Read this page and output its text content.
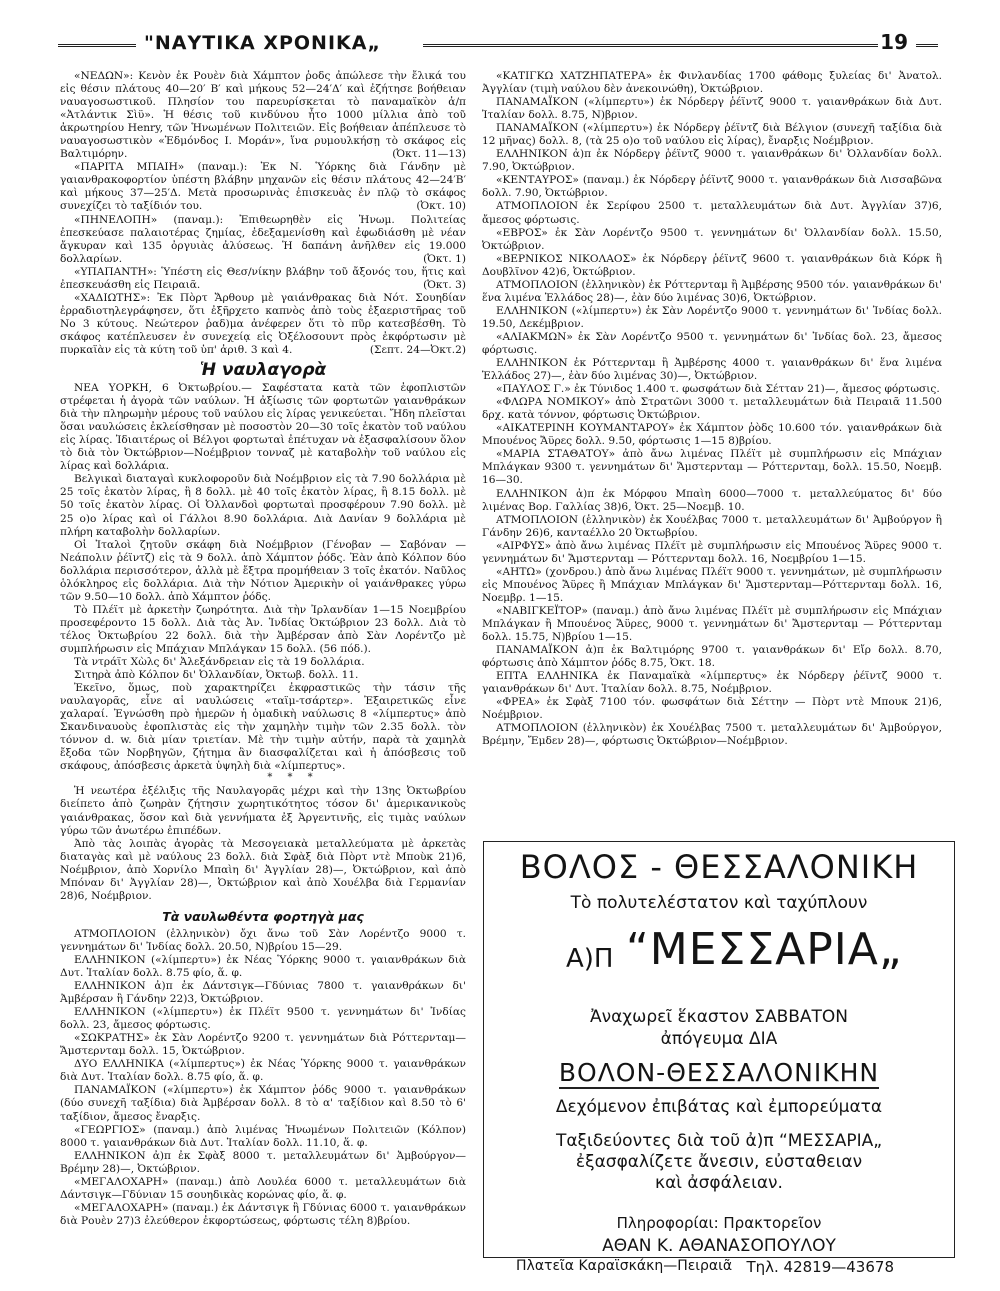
"ΝΑΥΤΙΚΑ ΧΡΟΝΙΚΑ„	19

«ΝΕΔΩΝ»: Κενὸν ἐκ Ρουὲν διὰ Χάμπτον ῥοδς ἀπώλεσε τὴν ἔλικά του εἰς θέσιν πλάτους 40—20′ Β′ καὶ μήκους 52—24′Δ′ καὶ ἐζήτησε βοήθειαν ναυαγοσωστικοῦ. Πλησίον του παρευρίσκεται τὸ παναμαϊκὸν ἀ/π «Ἀτλάντικ Σὶϋ». Ἡ θέσις τοῦ κινδύνου ἦτο 1000 μίλλια ἀπὸ τοῦ ἀκρωτηρίου Henry, τῶν Ἡνωμένων Πολιτειῶν. Εἰς βοήθειαν ἀπέπλευσε τὸ ναυαγοσωστικὸν «Ἐδμόνδος Ι. Μοράν», ἵνα ρυμουλκήσῃ τὸ σκάφος εἰς Βαλτιμόρην.	(Ὀκτ. 11—13)

«ΠΑΡΙΤΑ ΜΠΑΙΗ» (παναμ.): Ἐκ Ν. Ὑόρκης διὰ Γάνδην μὲ γαιανθρακοφορτίον ὑπέστη βλάβην μηχανῶν εἰς θέσιν πλάτους 42—24′Β′ καὶ μήκους 37—25′Δ. Μετὰ προσωρινὰς ἐπισκευὰς ἐν πλῷ τὸ σκάφος συνεχίζει τὸ ταξίδιόν του.	(Ὀκτ. 10)

«ΠΗΝΕΛΟΠΗ» (παναμ.): Ἐπιθεωρηθὲν εἰς Ἡνωμ. Πολιτείας ἐπεσκεύασε παλαιοτέρας ζημίας, ἐδεξαμενίσθη καὶ ἐφωδιάσθη μὲ νέαν ἄγκυραν καὶ 135 ὀργυιὰς ἀλύσεως. Ἡ δαπάνη ἀνῆλθεν εἰς 19.000 δολλαρίων.	(Ὀκτ. 1)

«ΥΠΑΠΑΝΤΗ»: Ὑπέστη εἰς Θεσ/νίκην βλάβην τοῦ ἄξονός του, ἥτις καὶ ἐπεσκευάσθη εἰς Πειραιᾶ.	(Ὀκτ. 3)

«ΧΑΔΙΩΤΗΣ»: Ἐκ Πὸρτ Ἄρθουρ μὲ γαιάνθρακας διὰ Νότ. Σουηδίαν ἐρραδιοτηλεγράφησεν, ὅτι ἐξῆρχετο καπνὸς ἀπὸ τοὺς ἐξαεριστῆρας τοῦ Νο 3 κύτους. Νεώτερον ῥαδ)μα ἀνέφερεν ὅτι τὸ πῦρ κατεσβέσθη. Τὸ σκάφος κατέπλευσεν ἐν συνεχείᾳ εἰς Ὀξέλοσουντ πρὸς ἐκφόρτωσιν μὲ πυρκαϊὰν εἰς τὰ κύτη τοῦ ὑπ' ἀριθ. 3 καὶ 4.	(Σεπτ. 24—Ὀκτ.2)

Ἡ ναυλαγορὰ

ΝΕΑ ΥΟΡΚΗ, 6 Ὀκτωβρίου.— Σαφέστατα κατὰ τῶν ἐφοπλιστῶν στρέφεται ἡ ἀγορὰ τῶν ναύλων. Ἡ ἀξίωσις τῶν φορτωτῶν γαιανθράκων διὰ τὴν πληρωμὴν μέρους τοῦ ναύλου εἰς λίρας γενικεύεται. Ἤδη πλεῖσται ὅσαι ναυλώσεις ἐκλείσθησαν μὲ ποσοστὸν 20—30 τοῖς ἑκατὸν τοῦ ναύλου εἰς λίρας. Ἰδιαιτέρως οἱ Βέλγοι φορτωταὶ ἐπέτυχαν νὰ ἐξασφαλίσουν ὅλον τὸ διὰ τὸν Ὀκτώβριον—Νοέμβριον τονναζ μὲ καταβολὴν τοῦ ναύλου εἰς λίρας καὶ δολλάρια.

Βελγικαὶ διαταγαὶ κυκλοφοροῦν διὰ Νοέμβριον εἰς τὰ 7.90 δολλάρια μὲ 25 τοῖς ἑκατὸν λίρας, ἢ 8 δολλ. μὲ 40 τοῖς ἑκατὸν λίρας, ἢ 8.15 δολλ. μὲ 50 τοῖς ἑκατὸν λίρας. Οἱ Ὀλλανδοὶ φορτωταὶ προσφέρουν 7.90 δολλ. μὲ 25 ο)ο λίρας καὶ οἱ Γάλλοι 8.90 δολλάρια. Διὰ Δανίαν 9 δολλάρια μὲ πλήρη καταβολὴν δολλαρίων.

Οἱ Ἰταλοὶ ζητοῦν σκάφη διὰ Νοέμβριον (Γένοβαν — Σαβόναν — Νεάπολιν ῥέϊντζ) εἰς τὰ 9 δολλ. ἀπὸ Χάμπτον ῥόδς. Ἐὰν ἀπὸ Κόλπον δύο δολλάρια περισσότερον, ἀλλὰ μὲ ἔξτρα προμήθειαν 3 τοῖς ἑκατόν. Ναῦλος ὁλόκληρος εἰς δολλάρια. Διὰ τὴν Νότιον Ἀμερικὴν οἱ γαιάνθρακες γύρω τῶν 9.50—10 δολλ. ἀπὸ Χάμπτον ῥόδς.

Τὸ Πλέϊτ μὲ ἀρκετὴν ζωηρότητα. Διὰ τὴν Ἰρλανδίαν 1—15 Νοεμβρίου προσεφέροντο 15 δολλ. Διὰ τὰς Ἀν. Ἰνδίας Ὀκτώβριον 23 δολλ. Διὰ τὸ τέλος Ὀκτωβρίου 22 δολλ. διὰ τὴν Ἀμβέρσαν ἀπὸ Σὰν Λορέντζο μὲ συμπλήρωσιν εἰς Μπάχιαν Μπλάγκαν 15 δολλ. (56 πόδ.).

Τὰ ντράϊτ Χὼλς δι' Ἀλεξάνδρειαν εἰς τὰ 19 δολλάρια.

Σιτηρὰ ἀπὸ Κόλπον δι' Ὀλλανδίαν, Ὀκτωβ. δολλ. 11.

Ἐκεῖνο, ὅμως, ποὺ χαρακτηρίζει ἐκφραστικῶς τὴν τάσιν τῆς ναυλαγορᾶς, εἶνε αἱ ναυλώσεις «ταϊμ-τσάρτερ». Ἐξαιρετικῶς εἶνε χαλαραί. Ἐγνώσθη πρὸ ἡμερῶν ἡ ὁμαδικὴ ναύλωσις 8 «λίμπερτυς» ἀπὸ Σκανδιναυοὺς ἐφοπλιστὰς εἰς τὴν χαμηλὴν τιμὴν τῶν 2.35 δολλ. τὸν τόννον d. w. διὰ μίαν τριετίαν. Μὲ τὴν τιμὴν αὐτήν, παρὰ τὰ χαμηλὰ ἔξοδα τῶν Νορβηγῶν, ζήτημα ἂν διασφαλίζεται καὶ ἡ ἀπόσβεσις τοῦ σκάφους, ἀπόσβεσις ἀρκετὰ ὑψηλὴ διὰ «λίμπερτυς».

* * *

Ἡ νεωτέρα ἐξέλιξις τῆς Ναυλαγορᾶς μέχρι καὶ τὴν 13ης Ὀκτωβρίου διείπετο ἀπὸ ζωηρὰν ζήτησιν χωρητικότητος τόσον δι' ἀμερικανικοὺς γαιάνθρακας, ὅσον καὶ διὰ γεννήματα ἐξ Ἀργεντινῆς, εἰς τιμὰς ναύλων γύρω τῶν ἀνωτέρω ἐπιπέδων.

Ἀπὸ τὰς λοιπὰς ἀγορὰς τὰ Μεσογειακὰ μεταλλεύματα μὲ ἀρκετὰς διαταγὰς καὶ μὲ ναύλους 23 δολλ. διὰ Σφὰξ διὰ Πὸρτ ντὲ Μποὺκ 21)6, Νοέμβριον, ἀπὸ Χορνίλο Μπαὶη δι' Ἀγγλίαν 28)—, Ὀκτώβριον, καὶ ἀπὸ Μπόναν δι' Ἀγγλίαν 28)—, Ὀκτώβριον καὶ ἀπὸ Χουέλβα διὰ Γερμανίαν 28)6, Νοέμβριον.

Τὰ ναυλωθέντα φορτηγὰ μας

ΑΤΜΟΠΛΟΙΟΝ (ἑλληνικὸν) ὄχι ἄνω τοῦ Σὰν Λορέντζο 9000 τ. γεννημάτων δι' Ἰνδίας δολλ. 20.50, Ν)βρίου 15—29.

ΕΛΛΗΝΙΚΟΝ («λίμπερτυ») ἐκ Νέας Ὑόρκης 9000 τ. γαιανθράκων διὰ Δυτ. Ἰταλίαν δολλ. 8.75 φίο, ἅ. φ.

ΕΛΛΗΝΙΚΟΝ ἀ)π ἐκ Δάντσιγκ—Γδύνιας 7800 τ. γαιανθράκων δι' Ἀμβέρσαν ἢ Γάνδην 22)3, Ὀκτώβριον.

ΕΛΛΗΝΙΚΟΝ («λίμπερτυ») ἐκ Πλέϊτ 9500 τ. γεννημάτων δι' Ἰνδίας δολλ. 23, ἄμεσος φόρτωσις.

«ΣΩΚΡΑΤΗΣ» ἐκ Σὰν Λορέντζο 9200 τ. γεννημάτων διὰ Ρόττερνταμ—Ἄμστερνταμ δολλ. 15, Ὀκτώβριον.

ΔΥΟ ΕΛΛΗΝΙΚΑ («λίμπερτυς») ἐκ Νέας Ὑόρκης 9000 τ. γαιανθράκων διὰ Δυτ. Ἰταλίαν δολλ. 8.75 φίο, ἅ. φ.

ΠΑΝΑΜΑΪΚΟΝ («λίμπερτυ») ἐκ Χάμπτον ῥόδς 9000 τ. γαιανθράκων (δύο συνεχῆ ταξίδια) διὰ Ἀμβέρσαν δολλ. 8 τὸ α' ταξίδιον καὶ 8.50 τὸ 6' ταξίδιον, ἄμεσος ἔναρξις.

«ΓΕΩΡΓΙΟΣ» (παναμ.) ἀπὸ λιμένας Ἡνωμένων Πολιτειῶν (Κόλπον) 8000 τ. γαιανθράκων διὰ Δυτ. Ἰταλίαν δολλ. 11.10, ἅ. φ.

ΕΛΛΗΝΙΚΟΝ ἀ)π ἐκ Σφὰξ 8000 τ. μεταλλευμάτων δι' Ἀμβούργον—Βρέμην 28)—, Ὀκτώβριον.

«ΜΕΓΑΛΟΧΑΡΗ» (παναμ.) ἀπὸ Λουλέα 6000 τ. μεταλλευμάτων διὰ Δάντσιγκ—Γδύνιαν 15 σουηδικὰς κορώνας φίο, ἅ. φ.

«ΜΕΓΑΛΟΧΑΡΗ» (παναμ.) ἐκ Δάντσιγκ ἢ Γδύνιας 6000 τ. γαιανθράκων διὰ Ρουὲν 27)3 ἐλεύθερον ἐκφορτώσεως, φόρτωσις τέλη 8)βρίου.

«ΚΑΤΙΓΚΩ ΧΑΤΖΗΠΑΤΕΡΑ» ἐκ Φινλανδίας 1700 φάθομς ξυλείας δι' Ἀνατολ. Ἀγγλίαν (τιμὴ ναύλου δὲν ἀνεκοινώθη), Ὀκτώβριον.

ΠΑΝΑΜΑΪΚΟΝ («λίμπερτυ») ἐκ Νόρδεργ ῥέϊντζ 9000 τ. γαιανθράκων διὰ Δυτ. Ἰταλίαν δολλ. 8.75, Ν)βριον.

ΠΑΝΑΜΑΪΚΟΝ («λίμπερτυ») ἐκ Νόρδεργ ῥέϊντζ διὰ Βέλγιον (συνεχῆ ταξίδια διὰ 12 μῆνας) δολλ. 8, (τὰ 25 ο)ο τοῦ ναύλου εἰς λίρας), ἔναρξις Νοέμβριον.

ΕΛΛΗΝΙΚΟΝ ἀ)π ἐκ Νόρδεργ ῥέϊντζ 9000 τ. γαιανθράκων δι' Ὀλλανδίαν δολλ. 7.90, Ὀκτώβριον.

«ΚΕΝΤΑΥΡΟΣ» (παναμ.) ἐκ Νόρδεργ ῥέϊντζ 9000 τ. γαιανθράκων διὰ Λισσαβῶνα δολλ. 7.90, Ὀκτώβριον.

ΑΤΜΟΠΛΟΙΟΝ ἐκ Σερίφου 2500 τ. μεταλλευμάτων διὰ Δυτ. Ἀγγλίαν 37)6, ἄμεσος φόρτωσις.

«ΕΒΡΟΣ» ἐκ Σὰν Λορέντζο 9500 τ. γεννημάτων δι' Ὀλλανδίαν δολλ. 15.50, Ὀκτώβριον.

«ΒΕΡΝΙΚΟΣ ΝΙΚΟΛΑΟΣ» ἐκ Νόρδεργ ῥέϊντζ 9600 τ. γαιανθράκων διὰ Κόρκ ἢ Δουβλῖνον 42)6, Ὀκτώβριον.

ΑΤΜΟΠΛΟΙΟΝ (ἑλληνικὸν) ἐκ Ρόττερνταμ ἢ Ἀμβέρσης 9500 τόν. γαιανθράκων δι' ἕνα λιμένα Ἑλλάδος 28)—, ἐὰν δύο λιμένας 30)6, Ὀκτώβριον.

ΕΛΛΗΝΙΚΟΝ («λίμπερτυ») ἐκ Σὰν Λορέντζο 9000 τ. γεννημάτων δι' Ἰνδίας δολλ. 19.50, Δεκέμβριον.

«ΑΛΙΑΚΜΩΝ» ἐκ Σὰν Λορέντζο 9500 τ. γεννημάτων δι' Ἰνδίας δολ. 23, ἄμεσος φόρτωσις.

ΕΛΛΗΝΙΚΟΝ ἐκ Ρόττερνταμ ἢ Ἀμβέρσης 4000 τ. γαιανθράκων δι' ἕνα λιμένα Ἑλλάδος 27)—, ἐὰν δύο λιμένας 30)—, Ὀκτώβριον.

«ΠΑΥΛΟΣ Γ.» ἐκ Τύνιδος 1.400 τ. φωσφάτων διὰ Σέτταν 21)—, ἄμεσος φόρτωσις.

«ΦΛΩΡΑ ΝΟΜΙΚΟΥ» ἀπὸ Στρατῶνι 3000 τ. μεταλλευμάτων διὰ Πειραιᾶ 11.500 δρχ. κατὰ τόννον, φόρτωσις Ὀκτώβριον.

«ΑΙΚΑΤΕΡΙΝΗ ΚΟΥΜΑΝΤΑΡΟΥ» ἐκ Χάμπτον ῥὸδς 10.600 τόν. γαιανθράκων διὰ Μπουένος Ἄϋρες δολλ. 9.50, φόρτωσις 1—15 8)βρίου.

«ΜΑΡΙΑ ΣΤΑΘΑΤΟΥ» ἀπὸ ἄνω λιμένας Πλέϊτ μὲ συμπλήρωσιν εἰς Μπάχιαν Μπλάγκαν 9300 τ. γεννημάτων δι' Ἄμστερνταμ — Ρόττερνταμ, δολλ. 15.50, Νοεμβ. 16—30.

ΕΛΛΗΝΙΚΟΝ ἀ)π ἐκ Μόρφου Μπαὶη 6000—7000 τ. μεταλλεύματος δι' δύο λιμένας Βορ. Γαλλίας 38)6, Ὀκτ. 25—Νοεμβ. 10.

ΑΤΜΟΠΛΟΙΟΝ (ἑλληνικὸν) ἐκ Χουέλβας 7000 τ. μεταλλευμάτων δι' Ἀμβούργον ἢ Γάνδην 26)6, κανταέλλο 20 Ὀκτωβρίου.

«ΑΙΡΦΥΣ» ἀπὸ ἄνω λιμένας Πλέϊτ μὲ συμπλήρωσιν εἰς Μπουένος Ἄϋρες 9000 τ. γεννημάτων δι' Ἄμστερνταμ — Ρόττερνταμ δολλ. 16, Νοεμβρίου 1—15.

«ΑΗΤΩ» (χονδρου.) ἀπὸ ἄνω λιμένας Πλέϊτ 9000 τ. γεννημάτων, μὲ συμπλήρωσιν εἰς Μπουένος Ἄϋρες ἢ Μπάχιαν Μπλάγκαν δι' Ἄμστερνταμ—Ρόττερνταμ δολλ. 16, Νοεμβρ. 1—15.

«ΝΑΒΙΓΚΕΪΤΟΡ» (παναμ.) ἀπὸ ἄνω λιμένας Πλέϊτ μὲ συμπλήρωσιν εἰς Μπάχιαν Μπλάγκαν ἢ Μπουένος Ἄϋρες, 9000 τ. γεννημάτων δι' Ἄμστερνταμ — Ρόττερνταμ δολλ. 15.75, Ν)βρίου 1—15.

ΠΑΝΑΜΑΪΚΟΝ ἀ)π ἐκ Βαλτιμόρης 9700 τ. γαιανθράκων δι' Εἴρ δολλ. 8.70, φόρτωσις ἀπὸ Χάμπτον ῥόδς 8.75, Ὀκτ. 18.

ΕΠΤΑ ΕΛΛΗΝΙΚΑ ἐκ Παναμαϊκὰ «λίμπερτυς» ἐκ Νόρδεργ ῥέϊντζ 9000 τ. γαιανθράκων δι' Δυτ. Ἰταλίαν δολλ. 8.75, Νοέμβριον.

«ΦΡΕΑ» ἐκ Σφὰξ 7100 τόν. φωσφάτων διὰ Σέττην — Πὸρτ ντὲ Μπουκ 21)6, Νοέμβριον.

ΑΤΜΟΠΛΟΙΟΝ (ἑλληνικὸν) ἐκ Χουέλβας 7500 τ. μεταλλευμάτων δι' Ἀμβούργον, Βρέμην, Ἔμδεν 28)—, φόρτωσις Ὀκτώβριον—Νοέμβριον.

ΒΟΛΟΣ - ΘΕΣΣΑΛΟΝΙΚΗ
Τὸ πολυτελέστατον καὶ ταχύπλουν
Α)Π “ΜΕΣΣΑΡΙΑ„
Ἀναχωρεῖ ἕκαστον ΣΑΒΒΑΤΟΝ
ἀπόγευμα ΔΙΑ
ΒΟΛΟΝ-ΘΕΣΣΑΛΟΝΙΚΗΝ
Δεχόμενον ἐπιβάτας καὶ ἐμπορεύματα
Ταξιδεύοντες διὰ τοῦ ἀ)π “ΜΕΣΣΑΡΙΑ„
ἐξασφαλίζετε ἄνεσιν, εὐσταθειαν
καὶ ἀσφάλειαν.
Πληροφορίαι: Πρακτορεῖον
ΑΘΑΝ Κ. ΑΘΑΝΑΣΟΠΟΥΛΟΥ
Πλατεῖα Καραϊσκάκη—Πειραιᾶ Τηλ. 42819—43678
